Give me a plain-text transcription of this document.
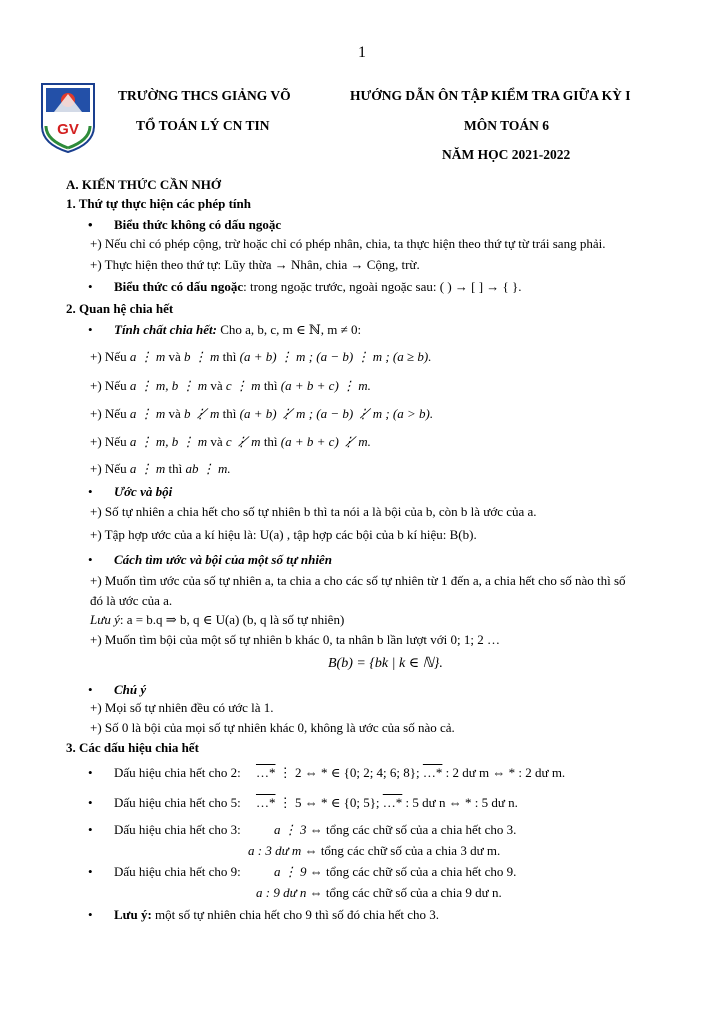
1
GV
TRƯỜNG THCS GIẢNG VÕ
TỔ TOÁN LÝ CN TIN
HƯỚNG DẪN ÔN TẬP KIỂM TRA GIỮA KỲ I
MÔN TOÁN 6
NĂM HỌC 2021-2022
A. KIẾN THỨC CẦN NHỚ
1. Thứ tự thực hiện các phép tính
• Biểu thức không có dấu ngoặc
+) Nếu chỉ có phép cộng, trừ hoặc chỉ có phép nhân, chia, ta thực hiện theo thứ tự từ trái sang phải.
+) Thực hiện theo thứ tự: Lũy thừa → Nhân, chia → Cộng, trừ.
• Biểu thức có dấu ngoặc: trong ngoặc trước, ngoài ngoặc sau: ( ) → [ ] → { }.
2. Quan hệ chia hết
• Tính chất chia hết: Cho a, b, c, m ∈ ℕ, m ≠ 0:
+) Nếu a ⋮ m và b ⋮ m thì (a + b) ⋮ m ; (a − b) ⋮ m ; (a ≥ b).
+) Nếu a ⋮ m, b ⋮ m và c ⋮ m thì (a + b + c) ⋮ m.
+) Nếu a ⋮ m và b ⋮̸ m thì (a + b) ⋮̸ m ; (a − b) ⋮̸ m ; (a > b).
+) Nếu a ⋮ m, b ⋮ m và c ⋮̸ m thì (a + b + c) ⋮̸ m.
+) Nếu a ⋮ m thì ab ⋮ m.
• Ước và bội
+) Số tự nhiên a chia hết cho số tự nhiên b thì ta nói a là bội của b, còn b là ước của a.
+) Tập hợp ước của a kí hiệu là: U(a) , tập hợp các bội của b kí hiệu: B(b).
• Cách tìm ước và bội của một số tự nhiên
+) Muốn tìm ước của số tự nhiên a, ta chia a cho các số tự nhiên từ 1 đến a, a chia hết cho số nào thì số
đó là ước của a.
Lưu ý: a = b.q ⇒ b, q ∈ U(a) (b, q là số tự nhiên)
+) Muốn tìm bội của một số tự nhiên b khác 0, ta nhân b lần lượt với 0; 1; 2 …
B(b) = {bk | k ∈ ℕ}.
• Chú ý
+) Mọi số tự nhiên đều có ước là 1.
+) Số 0 là bội của mọi số tự nhiên khác 0, không là ước của số nào cả.
3. Các dấu hiệu chia hết
• Dấu hiệu chia hết cho 2: …* ⋮ 2 ⇔ * ∈ {0; 2; 4; 6; 8}; …* : 2 dư m ⇔ * : 2 dư m.
• Dấu hiệu chia hết cho 5: …* ⋮ 5 ⇔ * ∈ {0; 5}; …* : 5 dư n ⇔ * : 5 dư n.
• Dấu hiệu chia hết cho 3:	a ⋮ 3 ⇔ tổng các chữ số của a chia hết cho 3.
a : 3 dư m ⇔ tổng các chữ số của a chia 3 dư m.
• Dấu hiệu chia hết cho 9:	a ⋮ 9 ⇔ tổng các chữ số của a chia hết cho 9.
a : 9 dư n ⇔ tổng các chữ số của a chia 9 dư n.
• Lưu ý: một số tự nhiên chia hết cho 9 thì số đó chia hết cho 3.
